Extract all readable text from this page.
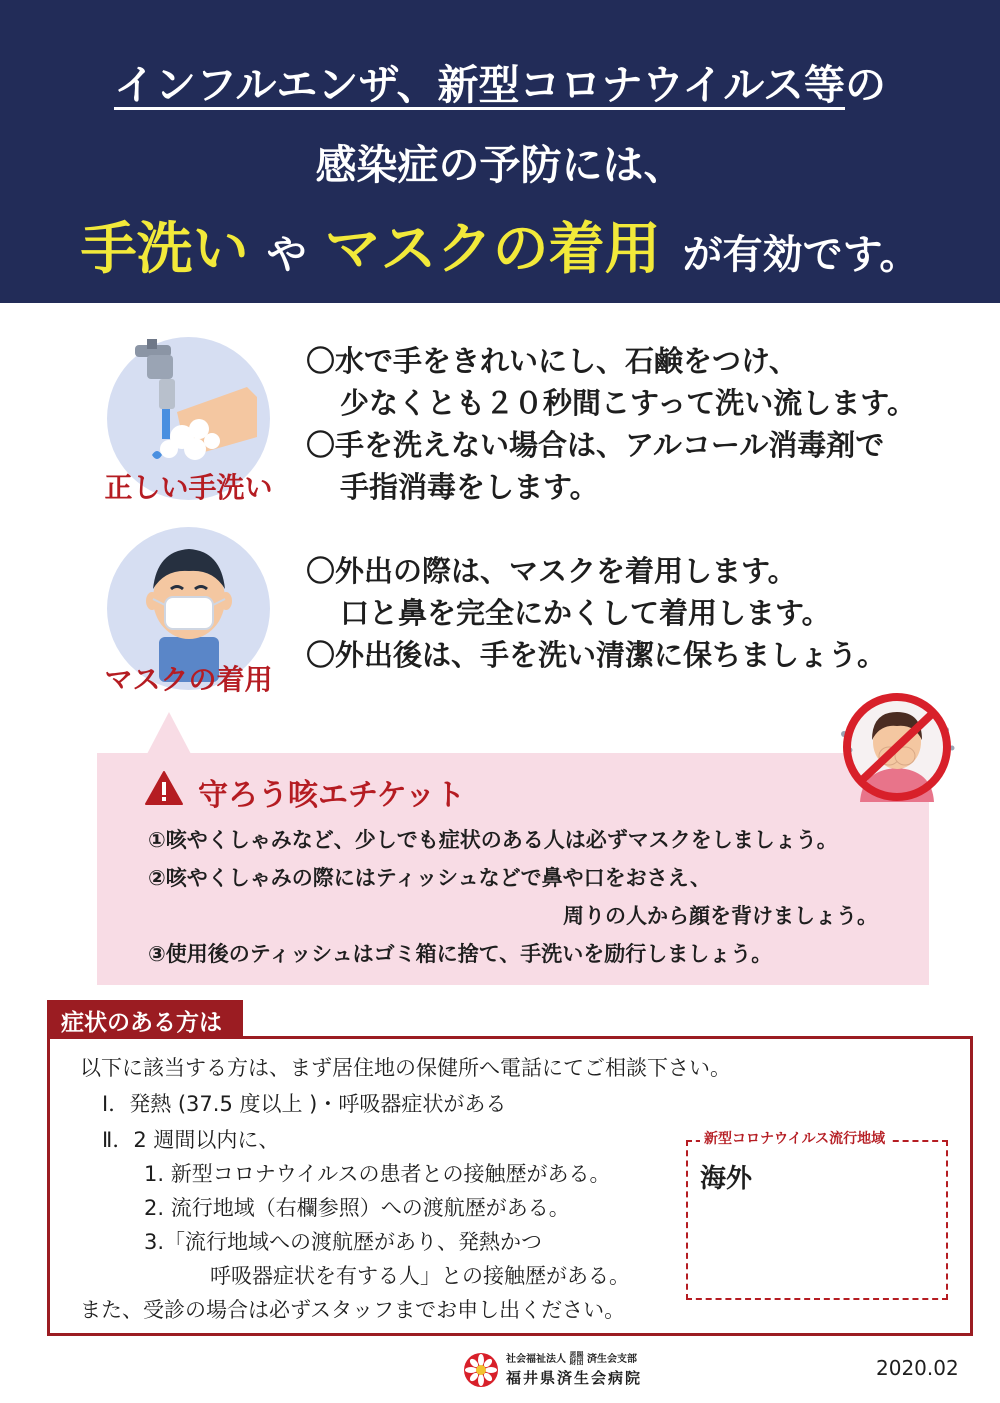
インフルエンザ、新型コロナウイルス等の
感染症の予防には、
手洗い や マスクの着用 が有効です。
正しい手洗い
〇水で手をきれいにし、石鹸をつけ、
少なくとも２０秒間こすって洗い流します。
〇手を洗えない場合は、アルコール消毒剤で
手指消毒をします。
マスクの着用
〇外出の際は、マスクを着用します。
口と鼻を完全にかくして着用します。
〇外出後は、手を洗い清潔に保ちましょう。
守ろう咳エチケット
①咳やくしゃみなど、少しでも症状のある人は必ずマスクをしましょう。
②咳やくしゃみの際にはティッシュなどで鼻や口をおさえ、
周りの人から顔を背けましょう。
③使用後のティッシュはゴミ箱に捨て、手洗いを励行しましょう。
症状のある方は
以下に該当する方は、まず居住地の保健所へ電話にてご相談下さい。
Ⅰ．発熱 (37.5 度以上 )・呼吸器症状がある
Ⅱ．2 週間以内に、
1. 新型コロナウイルスの患者との接触歴がある。
2. 流行地域（右欄参照）への渡航歴がある。
3.「流行地域への渡航歴があり、発熱かつ
呼吸器症状を有する人」との接触歴がある。
また、受診の場合は必ずスタッフまでお申し出ください。
新型コロナウイルス流行地域
海外
社会福祉法人 恩賜
財団 済生会支部
福井県済生会病院	2020.02
